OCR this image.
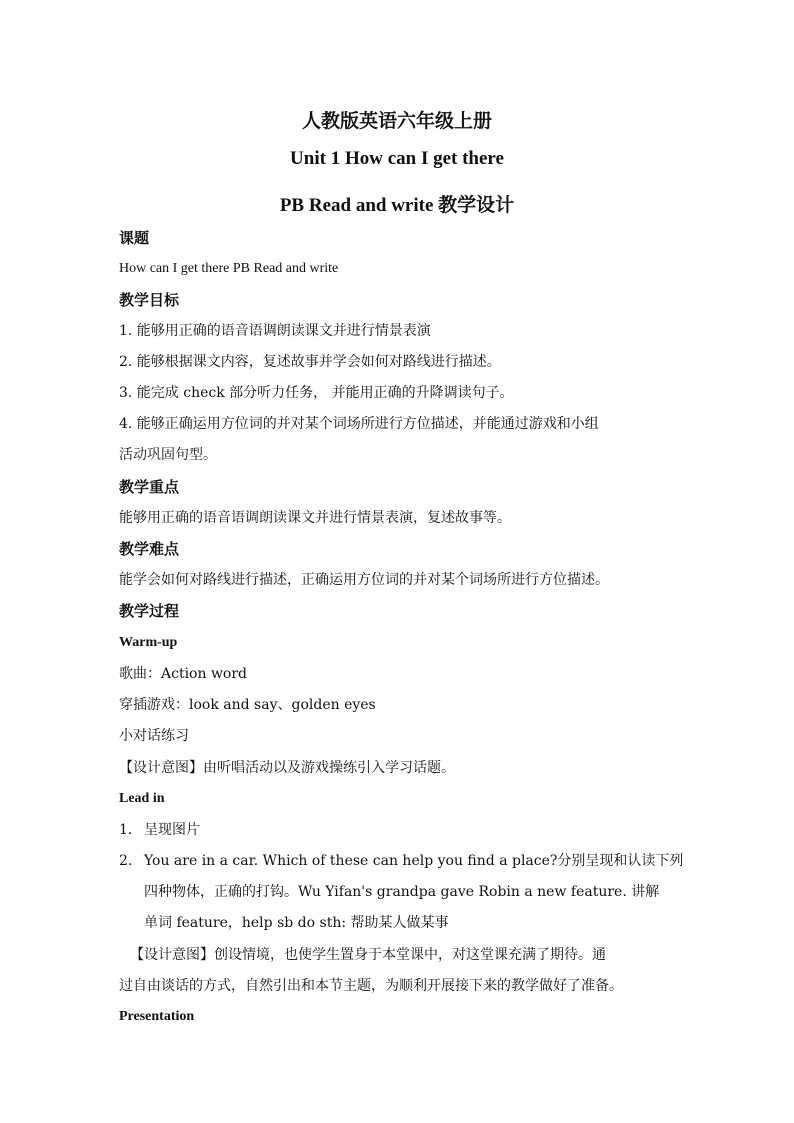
人教版英语六年级上册
Unit 1 How can I get there
PB Read and write 教学设计
课题
How can I get there PB Read and write
教学目标
1. 能够用正确的语音语调朗读课文并进行情景表演
2. 能够根据课文内容，复述故事并学会如何对路线进行描述。
3. 能完成 check 部分听力任务， 并能用正确的升降调读句子。
4. 能够正确运用方位词的并对某个词场所进行方位描述，并能通过游戏和小组
活动巩固句型。
教学重点
能够用正确的语音语调朗读课文并进行情景表演，复述故事等。
教学难点
能学会如何对路线进行描述，正确运用方位词的并对某个词场所进行方位描述。
教学过程
Warm-up
歌曲：Action word
穿插游戏：look and say、golden eyes
小对话练习
【设计意图】由听唱活动以及游戏操练引入学习话题。
Lead in
1. 呈现图片
2. You are in a car. Which of these can help you find a place?分别呈现和认读下列
四种物体，正确的打钩。Wu Yifan's grandpa gave Robin a new feature. 讲解
单词 feature，help sb do sth: 帮助某人做某事
【设计意图】创设情境，也使学生置身于本堂课中，对这堂课充满了期待。通
过自由谈话的方式，自然引出和本节主题，为顺利开展接下来的教学做好了准备。
Presentation
